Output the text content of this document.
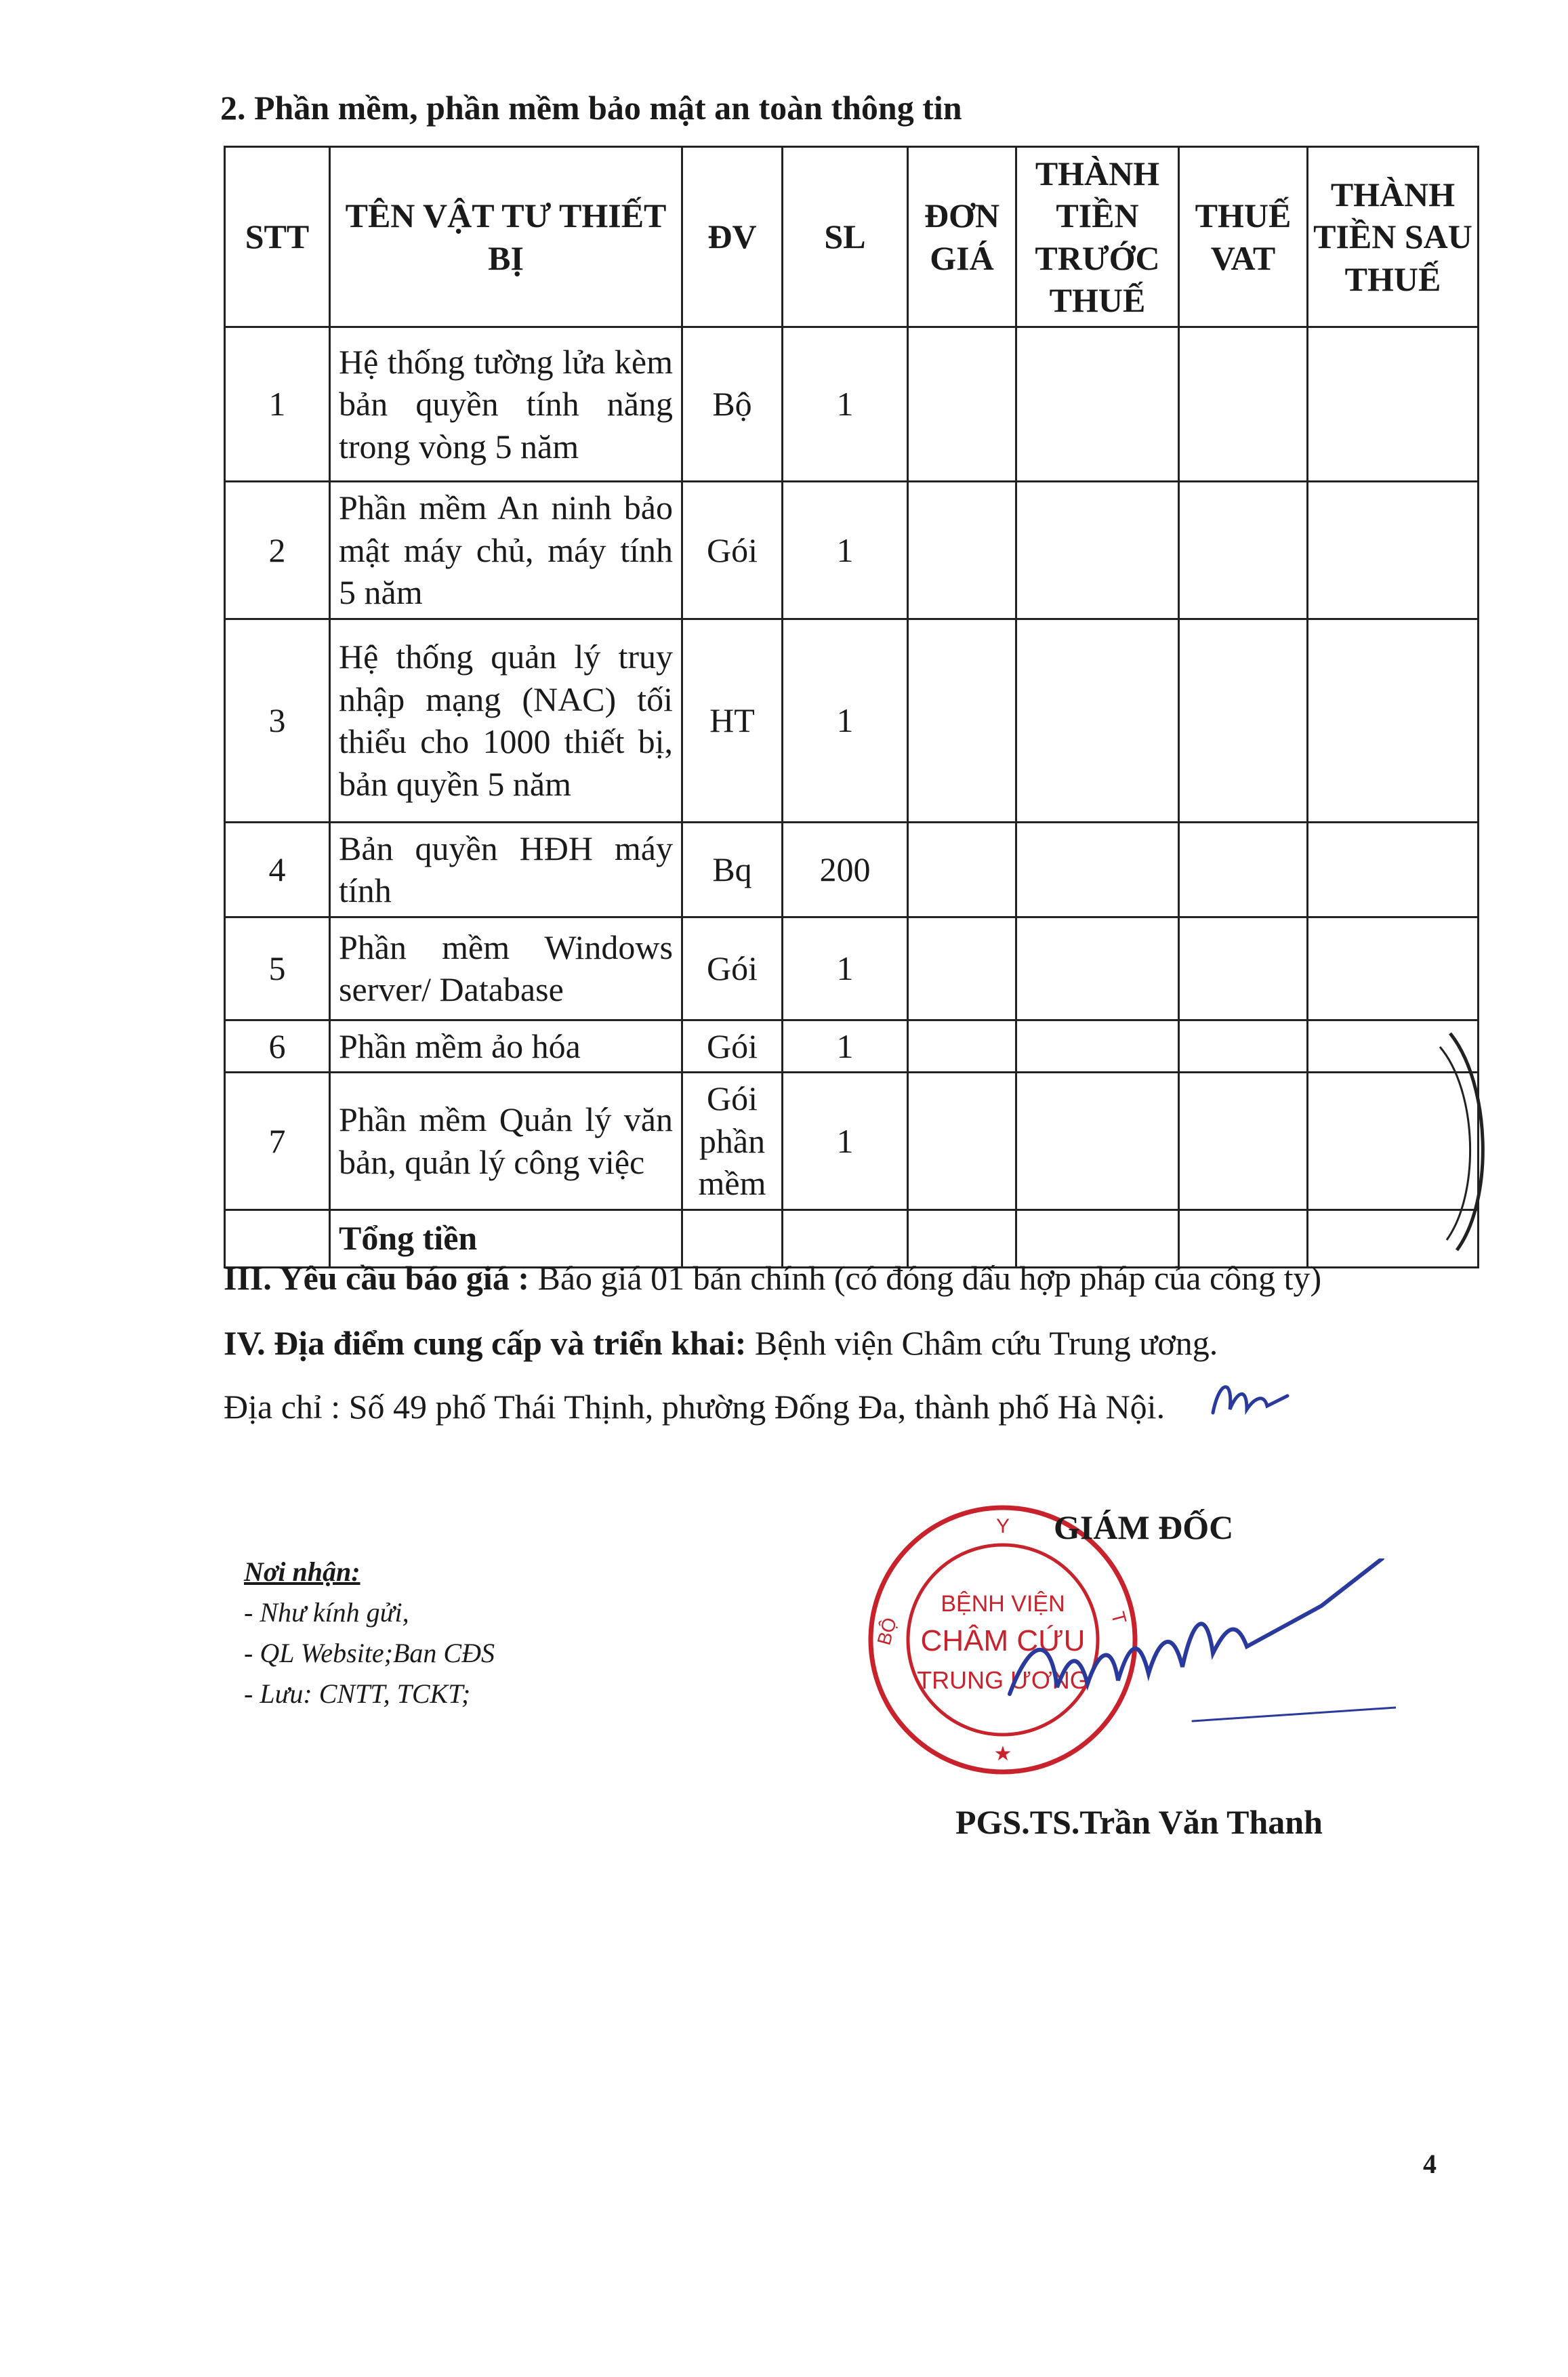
2. Phần mềm, phần mềm bảo mật an toàn thông tin
STT	TÊN VẬT TƯ THIẾT BỊ	ĐV	SL	ĐƠN GIÁ	THÀNH TIỀN TRƯỚC THUẾ	THUẾ VAT	THÀNH TIỀN SAU THUẾ
1	Hệ thống tường lửa kèm bản quyền tính năng trong vòng 5 năm	Bộ	1				
2	Phần mềm An ninh bảo mật máy chủ, máy tính 5 năm	Gói	1				
3	Hệ thống quản lý truy nhập mạng (NAC) tối thiểu cho 1000 thiết bị, bản quyền 5 năm	HT	1				
4	Bản quyền HĐH máy tính	Bq	200				
5	Phần mềm Windows server/ Database	Gói	1				
6	Phần mềm ảo hóa	Gói	1				
7	Phần mềm Quản lý văn bản, quản lý công việc	Gói phần mềm	1				
	Tổng tiền						
III. Yêu cầu báo giá : Báo giá 01 bản chính (có đóng dấu hợp pháp của công ty)
IV. Địa điểm cung cấp và triển khai: Bệnh viện Châm cứu Trung ương.
Địa chỉ : Số 49 phố Thái Thịnh, phường Đống Đa, thành phố Hà Nội.
Nơi nhận:
- Như kính gửi,
- QL Website;Ban CĐS
- Lưu: CNTT, TCKT;
Y
BỘ	T
BỆNH VIỆN
CHÂM CỨU
TRUNG ƯƠNG
★
GIÁM ĐỐC
PGS.TS.Trần Văn Thanh
4
